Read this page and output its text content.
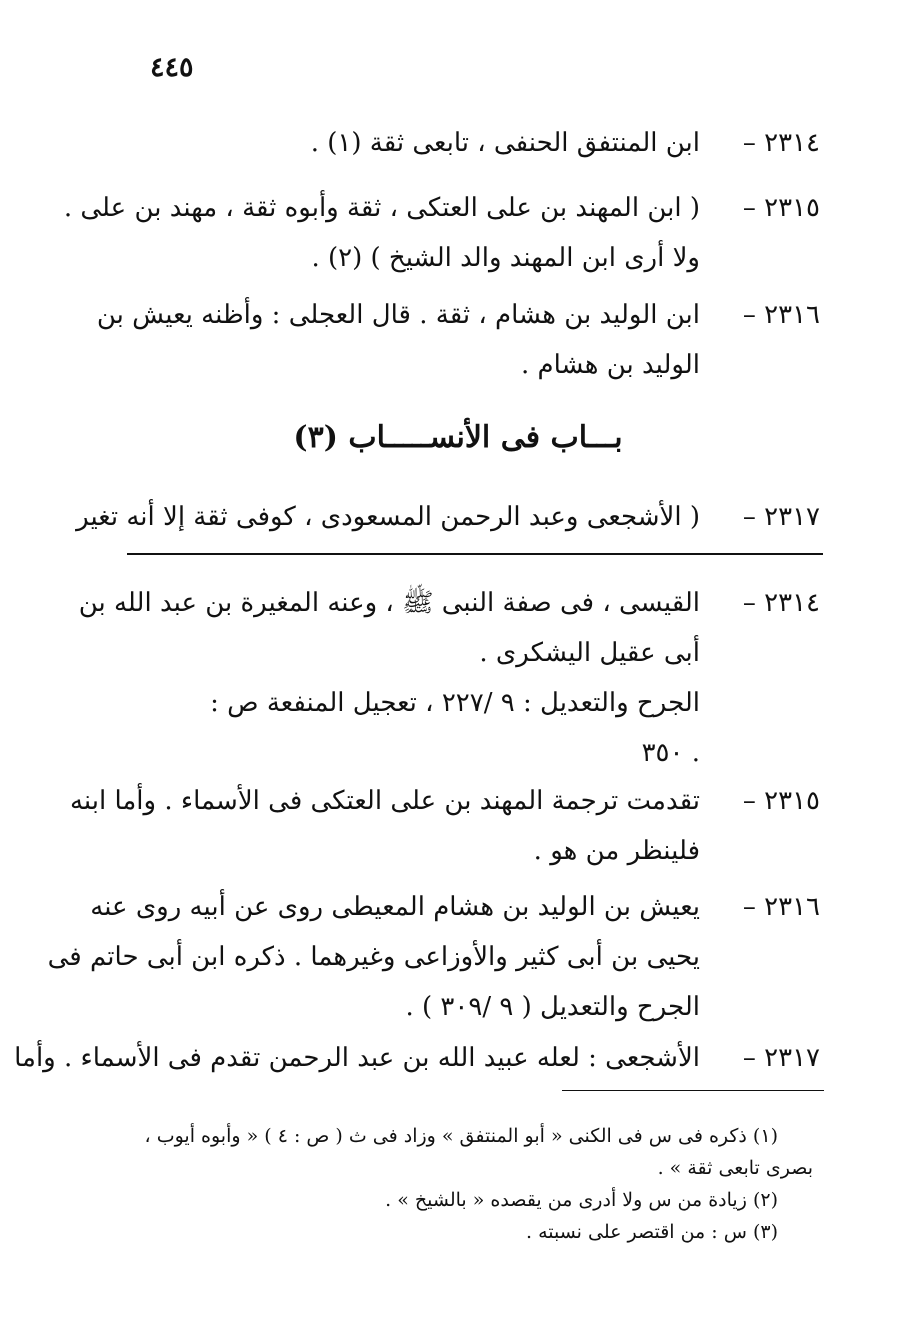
٤٤٥
٢٣١٤ –
ابن المنتفق الحنفى ، تابعى ثقة (١) .
٢٣١٥ –
( ابن المهند بن على العتكى ، ثقة وأبوه ثقة ، مهند بن على .
ولا أرى ابن المهند والد الشيخ ) (٢) .
٢٣١٦ –
ابن الوليد بن هشام ، ثقة . قال العجلى : وأظنه يعيش بن
الوليد بن هشام .
بـــاب فى الأنســـــاب (٣)
٢٣١٧ –
( الأشجعى وعبد الرحمن المسعودى ، كوفى ثقة إلا أنه تغير
٢٣١٤ –
القيسى ، فى صفة النبى ﷺ ، وعنه المغيرة بن عبد الله بن
أبى عقيل اليشكرى .
الجرح والتعديل : ٩ /٢٢٧ ، تعجيل المنفعة ص :
. ٣٥٠
٢٣١٥ –
تقدمت ترجمة المهند بن على العتكى فى الأسماء . وأما ابنه
فلينظر من هو .
٢٣١٦ –
يعيش بن الوليد بن هشام المعيطى روى عن أبيه روى عنه
يحيى بن أبى كثير والأوزاعى وغيرهما . ذكره ابن أبى حاتم فى
الجرح والتعديل ( ٩ /٣٠٩ ) .
٢٣١٧ –
الأشجعى : لعله عبيد الله بن عبد الرحمن تقدم فى الأسماء . وأما
(١) ذكره فى س فى الكنى « أبو المنتفق » وزاد فى ث ( ص : ٤ ) « وأبوه أيوب ،
بصرى تابعى ثقة » .
(٢) زيادة من س ولا أدرى من يقصده « بالشيخ » .
(٣) س : من اقتصر على نسبته .
